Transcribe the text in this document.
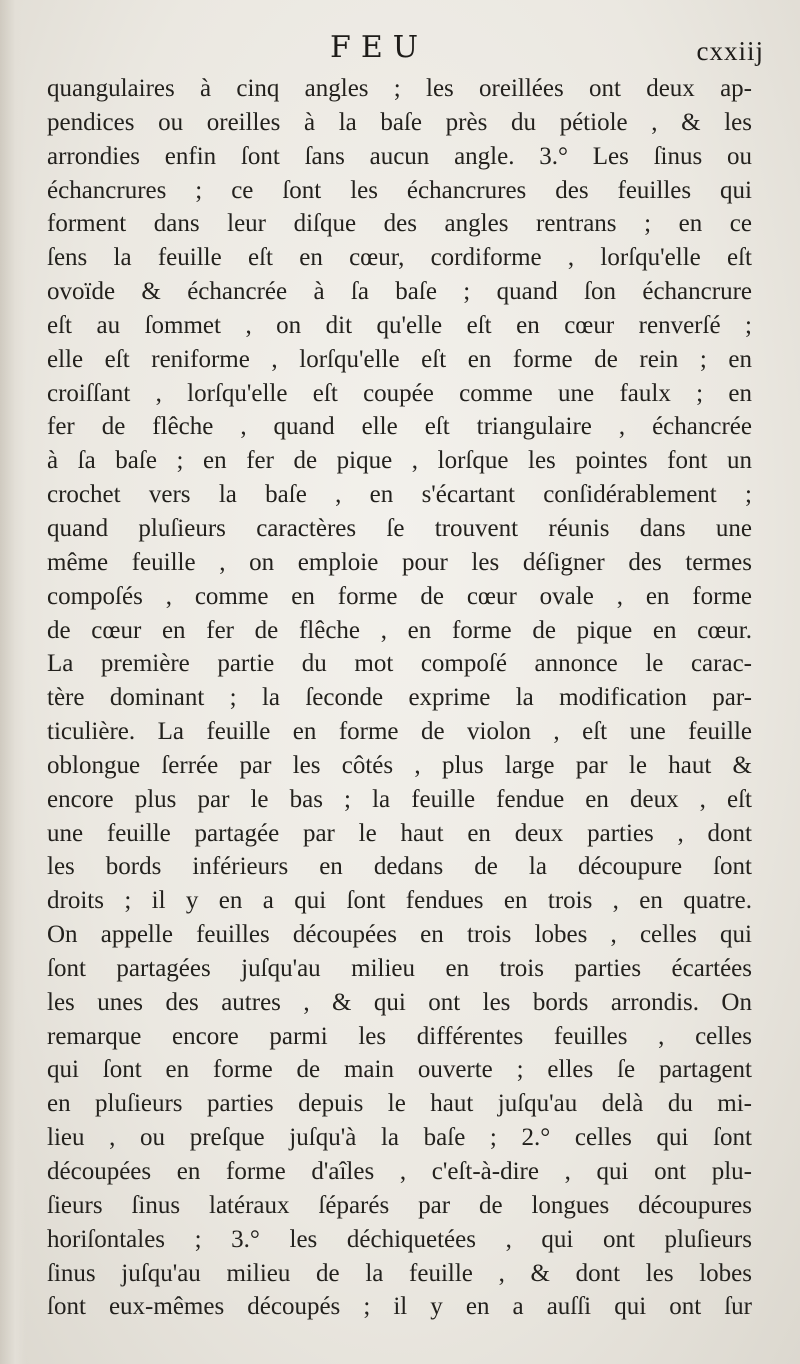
FEU	cxxiij
quangulaires à cinq angles ; les oreillées ont deux ap-
pendices ou oreilles à la baſe près du pétiole , & les
arrondies enfin ſont ſans aucun angle. 3.° Les ſinus ou
échancrures ; ce ſont les échancrures des feuilles qui
forment dans leur diſque des angles rentrans ; en ce
ſens la feuille eſt en cœur, cordiforme , lorſqu'elle eſt
ovoïde & échancrée à ſa baſe ; quand ſon échancrure
eſt au ſommet , on dit qu'elle eſt en cœur renverſé ;
elle eſt reniforme , lorſqu'elle eſt en forme de rein ; en
croiſſant , lorſqu'elle eſt coupée comme une faulx ; en
fer de flêche , quand elle eſt triangulaire , échancrée
à ſa baſe ; en fer de pique , lorſque les pointes font un
crochet vers la baſe , en s'écartant conſidérablement ;
quand pluſieurs caractères ſe trouvent réunis dans une
même feuille , on emploie pour les déſigner des termes
compoſés , comme en forme de cœur ovale , en forme
de cœur en fer de flêche , en forme de pique en cœur.
La première partie du mot compoſé annonce le carac-
tère dominant ; la ſeconde exprime la modification par-
ticulière. La feuille en forme de violon , eſt une feuille
oblongue ſerrée par les côtés , plus large par le haut &
encore plus par le bas ; la feuille fendue en deux , eſt
une feuille partagée par le haut en deux parties , dont
les bords inférieurs en dedans de la découpure ſont
droits ; il y en a qui ſont fendues en trois , en quatre.
On appelle feuilles découpées en trois lobes , celles qui
ſont partagées juſqu'au milieu en trois parties écartées
les unes des autres , & qui ont les bords arrondis. On
remarque encore parmi les différentes feuilles , celles
qui ſont en forme de main ouverte ; elles ſe partagent
en pluſieurs parties depuis le haut juſqu'au delà du mi-
lieu , ou preſque juſqu'à la baſe ; 2.° celles qui ſont
découpées en forme d'aîles , c'eſt-à-dire , qui ont plu-
ſieurs ſinus latéraux ſéparés par de longues découpures
horiſontales ; 3.° les déchiquetées , qui ont pluſieurs
ſinus juſqu'au milieu de la feuille , & dont les lobes
ſont eux-mêmes découpés ; il y en a auſſi qui ont ſur
